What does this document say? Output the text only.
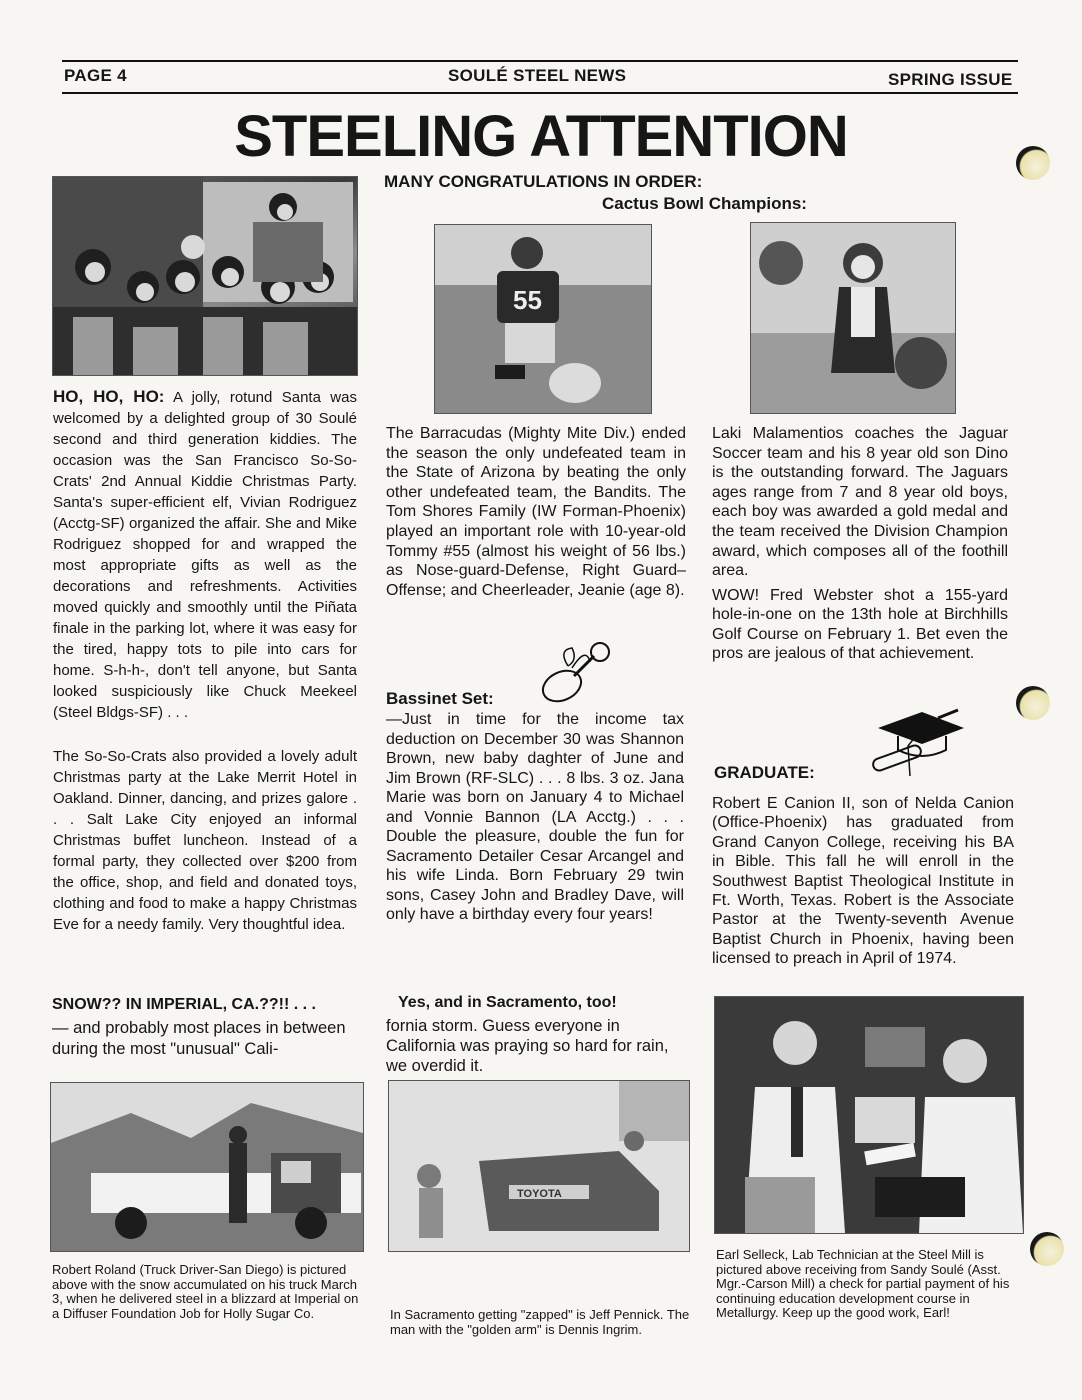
PAGE 4	SOULÉ STEEL NEWS	SPRING ISSUE
STEELING ATTENTION
HO, HO, HO: A jolly, rotund Santa was welcomed by a delighted group of 30 Soulé second and third generation kiddies. The occasion was the San Francisco So-So-Crats' 2nd Annual Kiddie Christmas Party. Santa's super-efficient elf, Vivian Rodriguez (Acctg-SF) organized the affair. She and Mike Rodriguez shopped for and wrapped the most appropriate gifts as well as the decorations and refreshments. Activities moved quickly and smoothly until the Piñata finale in the parking lot, where it was easy for the tired, happy tots to pile into cars for home. S-h-h-, don't tell anyone, but Santa looked suspiciously like Chuck Meekeel (Steel Bldgs-SF) . . .
The So-So-Crats also provided a lovely adult Christmas party at the Lake Merrit Hotel in Oakland. Dinner, dancing, and prizes galore . . . Salt Lake City enjoyed an informal Christmas buffet luncheon. Instead of a formal party, they collected over $200 from the office, shop, and field and donated toys, clothing and food to make a happy Christmas Eve for a needy family. Very thoughtful idea.
SNOW?? IN IMPERIAL, CA.??!! . . .
— and probably most places in between during the most "unusual" Cali-
Robert Roland (Truck Driver-San Diego) is pictured above with the snow accumulated on his truck March 3, when he delivered steel in a blizzard at Imperial on a Diffuser Foundation Job for Holly Sugar Co.
MANY CONGRATULATIONS IN ORDER:
Cactus Bowl Champions:
55
The Barracudas (Mighty Mite Div.) ended the season the only undefeated team in the State of Arizona by beating the only other undefeated team, the Bandits. The Tom Shores Family (IW Forman-Phoenix) played an important role with 10-year-old Tommy #55 (almost his weight of 56 lbs.) as Nose-guard-Defense, Right Guard–Offense; and Cheerleader, Jeanie (age 8).
Laki Malamentios coaches the Jaguar Soccer team and his 8 year old son Dino is the outstanding forward. The Jaguars ages range from 7 and 8 year old boys, each boy was awarded a gold medal and the team received the Division Champion award, which composes all of the foothill area.
WOW! Fred Webster shot a 155-yard hole-in-one on the 13th hole at Birchhills Golf Course on February 1. Bet even the pros are jealous of that achievement.
Bassinet Set:
—Just in time for the income tax deduction on December 30 was Shannon Brown, new baby daghter of June and Jim Brown (RF-SLC) . . . 8 lbs. 3 oz. Jana Marie was born on January 4 to Michael and Vonnie Bannon (LA Acctg.) . . . Double the pleasure, double the fun for Sacramento Detailer Cesar Arcangel and his wife Linda. Born February 29 twin sons, Casey John and Bradley Dave, will only have a birthday every four years!
GRADUATE:
Robert E Canion II, son of Nelda Canion (Office-Phoenix) has graduated from Grand Canyon College, receiving his BA in Bible. This fall he will enroll in the Southwest Baptist Theological Institute in Ft. Worth, Texas. Robert is the Associate Pastor at the Twenty-seventh Avenue Baptist Church in Phoenix, having been licensed to preach in April of 1974.
Yes, and in Sacramento, too!
fornia storm. Guess everyone in California was praying so hard for rain, we overdid it.
TOYOTA
In Sacramento getting "zapped" is Jeff Pennick. The man with the "golden arm" is Dennis Ingrim.
Earl Selleck, Lab Technician at the Steel Mill is pictured above receiving from Sandy Soulé (Asst. Mgr.-Carson Mill) a check for partial payment of his continuing education development course in Metallurgy. Keep up the good work, Earl!
